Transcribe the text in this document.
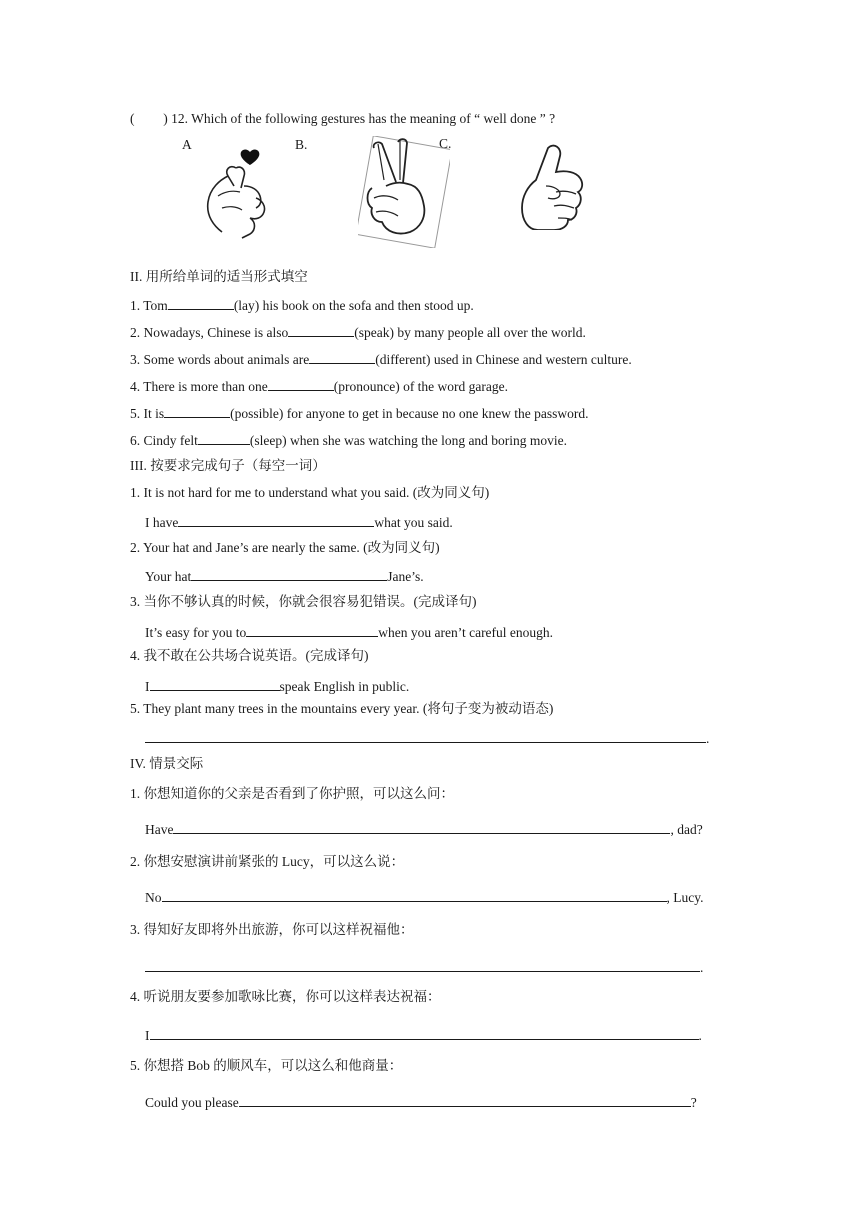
( ) 12. Which of the following gestures has the meaning of “ well done ” ?
A	B.	C.
II. 用所给单词的适当形式填空
1. Tom	(lay) his book on the sofa and then stood up.
2. Nowadays, Chinese is also	(speak) by many people all over the world.
3. Some words about animals are	(different) used in Chinese and western culture.
4. There is more than one	(pronounce) of the word garage.
5. It is	(possible) for anyone to get in because no one knew the password.
6. Cindy felt	(sleep) when she was watching the long and boring movie.
III. 按要求完成句子（每空一词）
1. It is not hard for me to understand what you said. (改为同义句)
I have	what you said.
2. Your hat and Jane’s are nearly the same. (改为同义句)
Your hat	Jane’s.
3. 当你不够认真的时候，你就会很容易犯错误。(完成译句)
It’s easy for you to	when you aren’t careful enough.
4. 我不敢在公共场合说英语。(完成译句)
I	speak English in public.
5. They plant many trees in the mountains every year. (将句子变为被动语态)
.
IV. 情景交际
1. 你想知道你的父亲是否看到了你护照，可以这么问：
Have	, dad?
2. 你想安慰演讲前紧张的 Lucy，可以这么说：
No	, Lucy.
3. 得知好友即将外出旅游，你可以这样祝福他：
.
4. 听说朋友要参加歌咏比赛，你可以这样表达祝福：
I	.
5. 你想搭 Bob 的顺风车，可以这么和他商量：
Could you please	?
